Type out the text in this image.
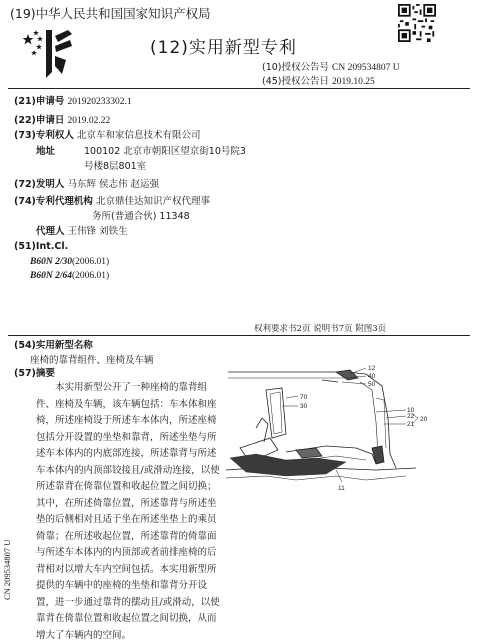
(19)中华人民共和国国家知识产权局
(12)实用新型专利
(10)授权公告号 CN 209534807 U
(45)授权公告日 2019.10.25
(21)申请号 201920233302.1
(22)申请日 2019.02.22
(73)专利权人 北京车和家信息技术有限公司
地址	100102 北京市朝阳区望京街10号院3
号楼8层801室
(72)发明人 马东辉 侯志伟 赵运强
(74)专利代理机构 北京鼎佳达知识产权代理事
务所(普通合伙) 11348
代理人 王伟锋 刘铁生
(51)Int.Cl.
B60N 2/30(2006.01)
B60N 2/64(2006.01)
权利要求书2页 说明书7页 附图3页
(54)实用新型名称
座椅的靠背组件、座椅及车辆
(57)摘要

本实用新型公开了一种座椅的靠背组件、座椅及车辆，该车辆包括：车本体和座椅，所述座椅设于所述车本体内，所述座椅包括分开设置的坐垫和靠背，所述坐垫与所述车本体内的内底部连接，所述靠背与所述车本体内的内顶部铰接且/或滑动连接，以使所述靠背在倚靠位置和收起位置之间切换；其中，在所述倚靠位置，所述靠背与所述坐垫的后侧相对且适于坐在所述坐垫上的乘员倚靠；在所述收起位置，所述靠背的倚靠面与所述车本体内的内顶部或者前排座椅的后背相对以增大车内空间包括。本实用新型所提供的车辆中的座椅的坐垫和靠背分开设置，进一步通过靠背的摆动且/或滑动，以使靠背在倚靠位置和收起位置之间切换，从而增大了车辆内的空间。

12
40
50
70
30
10
22
21
20
11
CN 209534807 U
